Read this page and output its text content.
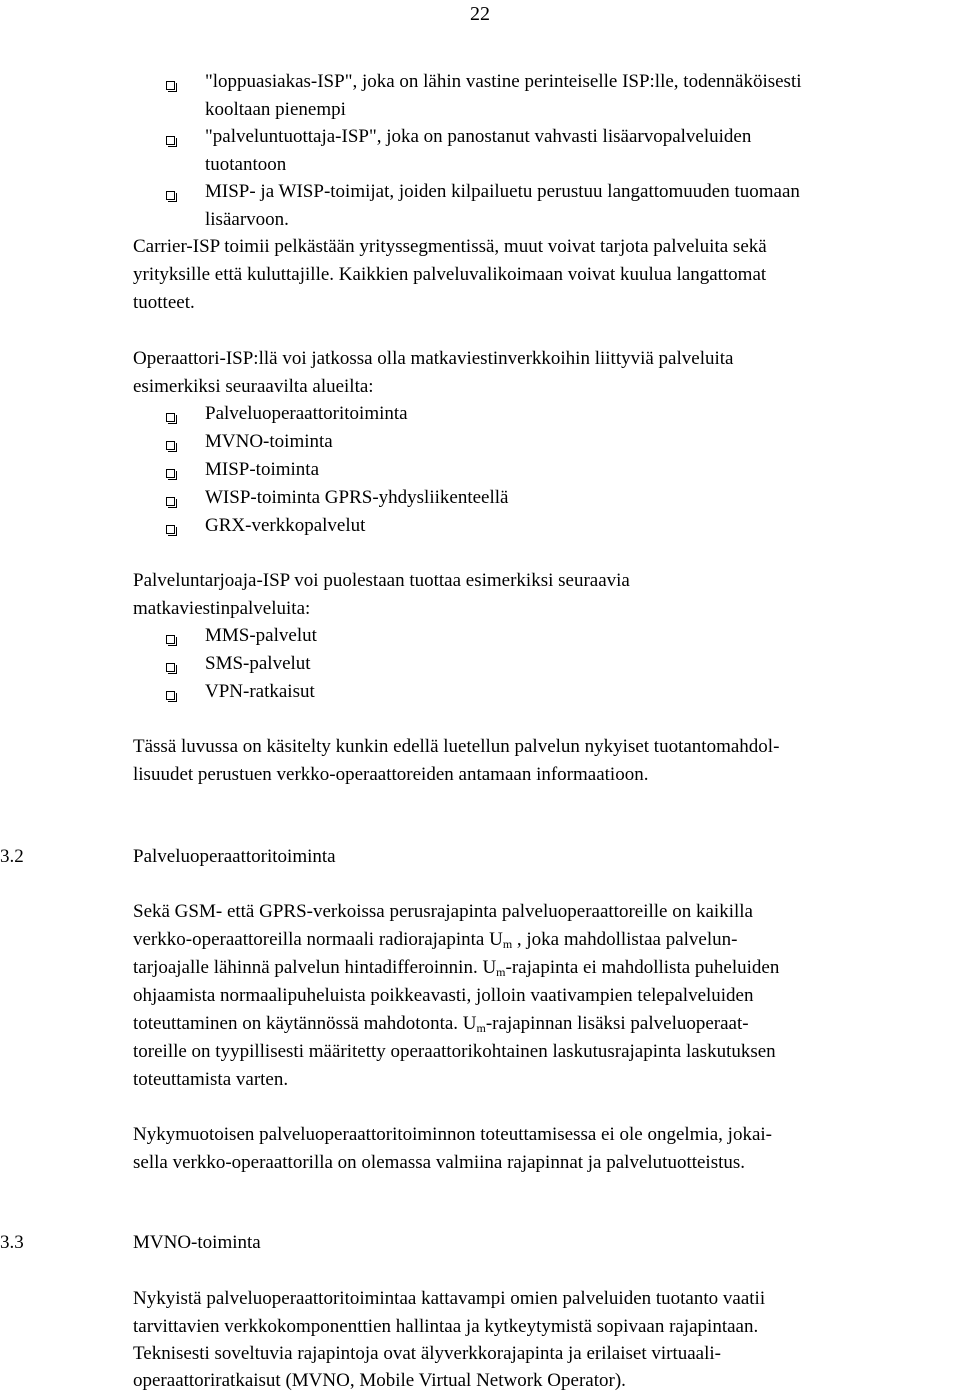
22

"loppuasiakas-ISP", joka on lähin vastine perinteiselle ISP:lle, todennäköisesti

kooltaan pienempi

"palveluntuottaja-ISP", joka on panostanut vahvasti lisäarvopalveluiden

tuotantoon

MISP- ja WISP-toimijat, joiden kilpailuetu perustuu langattomuuden tuomaan

lisäarvoon.

Carrier-ISP toimii pelkästään yrityssegmentissä, muut voivat tarjota palveluita sekä

yrityksille että kuluttajille. Kaikkien palveluvalikoimaan voivat kuulua langattomat

tuotteet.

Operaattori-ISP:llä voi jatkossa olla matkaviestinverkkoihin liittyviä palveluita

esimerkiksi seuraavilta alueilta:

Palveluoperaattoritoiminta

MVNO-toiminta

MISP-toiminta

WISP-toiminta GPRS-yhdysliikenteellä

GRX-verkkopalvelut

Palveluntarjoaja-ISP voi puolestaan tuottaa esimerkiksi seuraavia

matkaviestinpalveluita:

MMS-palvelut

SMS-palvelut

VPN-ratkaisut

Tässä luvussa on käsitelty kunkin edellä luetellun palvelun nykyiset tuotantomahdol-

lisuudet perustuen verkko-operaattoreiden antamaan informaatioon.

3.2	Palveluoperaattoritoiminta

Sekä GSM- että GPRS-verkoissa perusrajapinta palveluoperaattoreille on kaikilla

verkko-operaattoreilla normaali radiorajapinta $U_m$ , joka mahdollistaa palvelun-

tarjoajalle lähinnä palvelun hintadifferoinnin. $U_m$-rajapinta ei mahdollista puheluiden

ohjaamista normaalipuheluista poikkeavasti, jolloin vaativampien telepalveluiden

toteuttaminen on käytännössä mahdotonta. $U_m$-rajapinnan lisäksi palveluoperaat-

toreille on tyypillisesti määritetty operaattorikohtainen laskutusrajapinta laskutuksen

toteuttamista varten.

Nykymuotoisen palveluoperaattoritoiminnon toteuttamisessa ei ole ongelmia, jokai-

sella verkko-operaattorilla on olemassa valmiina rajapinnat ja palvelutuotteistus.

3.3	MVNO-toiminta

Nykyistä palveluoperaattoritoimintaa kattavampi omien palveluiden tuotanto vaatii

tarvittavien verkkokomponenttien hallintaa ja kytkeytymistä sopivaan rajapintaan.

Teknisesti soveltuvia rajapintoja ovat älyverkkorajapinta ja erilaiset virtuaali-

operaattoriratkaisut (MVNO, Mobile Virtual Network Operator).
